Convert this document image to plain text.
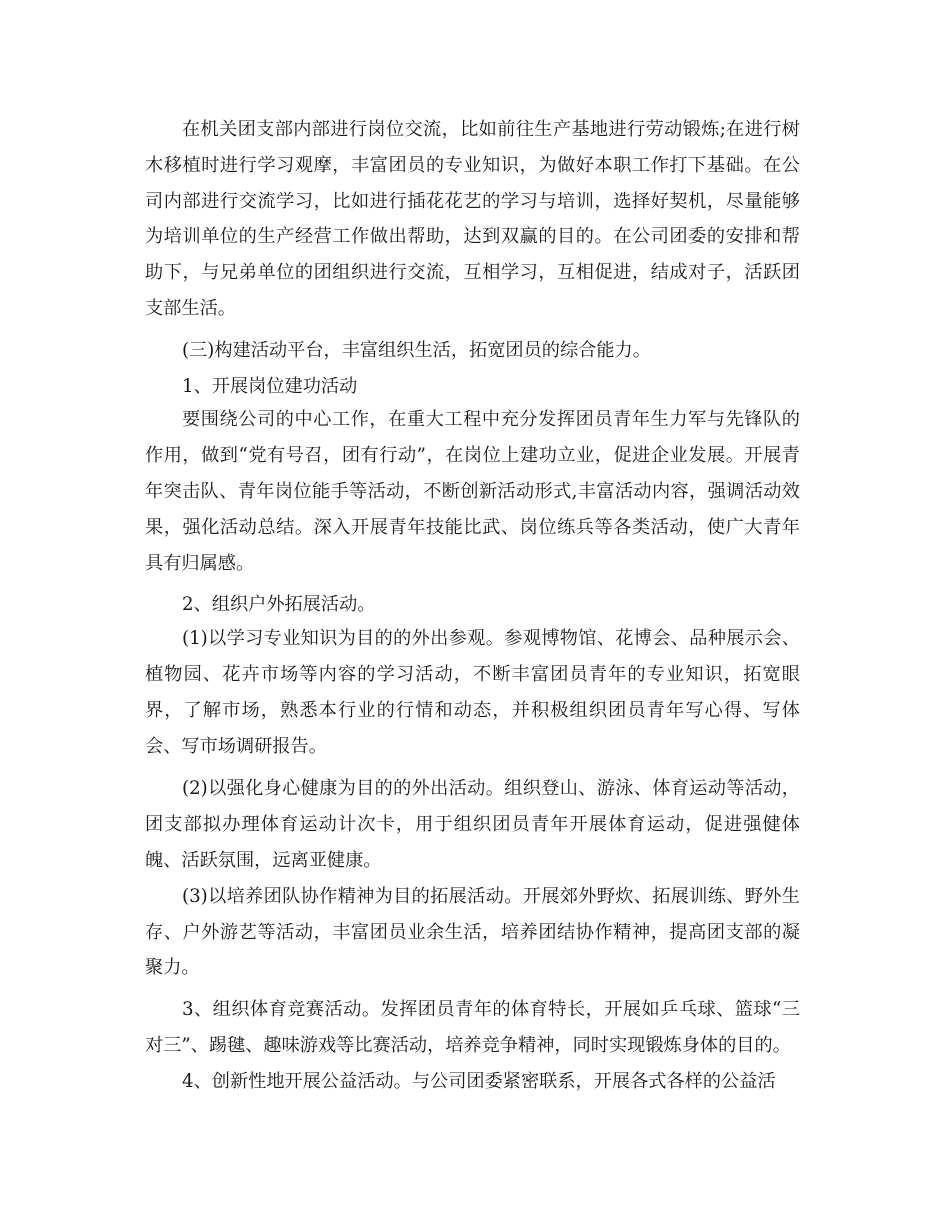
在机关团支部内部进行岗位交流，比如前往生产基地进行劳动锻炼;在进行树
木移植时进行学习观摩，丰富团员的专业知识，为做好本职工作打下基础。在公
司内部进行交流学习，比如进行插花花艺的学习与培训，选择好契机，尽量能够
为培训单位的生产经营工作做出帮助，达到双赢的目的。在公司团委的安排和帮
助下，与兄弟单位的团组织进行交流，互相学习，互相促进，结成对子，活跃团
支部生活。
(三)构建活动平台，丰富组织生活，拓宽团员的综合能力。
1、开展岗位建功活动
要围绕公司的中心工作，在重大工程中充分发挥团员青年生力军与先锋队的
作用，做到“党有号召，团有行动”，在岗位上建功立业，促进企业发展。开展青
年突击队、青年岗位能手等活动，不断创新活动形式,丰富活动内容，强调活动效
果，强化活动总结。深入开展青年技能比武、岗位练兵等各类活动，使广大青年
具有归属感。
2、组织户外拓展活动。
(1)以学习专业知识为目的的外出参观。参观博物馆、花博会、品种展示会、
植物园、花卉市场等内容的学习活动，不断丰富团员青年的专业知识，拓宽眼
界，了解市场，熟悉本行业的行情和动态，并积极组织团员青年写心得、写体
会、写市场调研报告。
(2)以强化身心健康为目的的外出活动。组织登山、游泳、体育运动等活动，
团支部拟办理体育运动计次卡，用于组织团员青年开展体育运动，促进强健体
魄、活跃氛围，远离亚健康。
(3)以培养团队协作精神为目的拓展活动。开展郊外野炊、拓展训练、野外生
存、户外游艺等活动，丰富团员业余生活，培养团结协作精神，提高团支部的凝
聚力。
3、组织体育竞赛活动。发挥团员青年的体育特长，开展如乒乓球、篮球“三
对三”、踢毽、趣味游戏等比赛活动，培养竞争精神，同时实现锻炼身体的目的。
4、创新性地开展公益活动。与公司团委紧密联系，开展各式各样的公益活
